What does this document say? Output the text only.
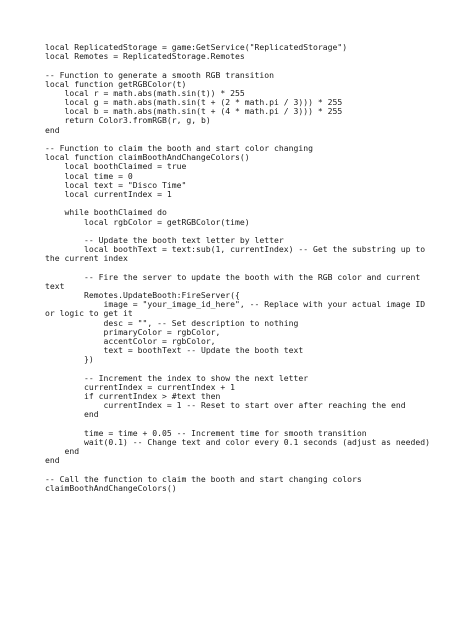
local ReplicatedStorage = game:GetService("ReplicatedStorage")
local Remotes = ReplicatedStorage.Remotes
-- Function to generate a smooth RGB transition
local function getRGBColor(t)
local r = math.abs(math.sin(t)) * 255
local g = math.abs(math.sin(t + (2 * math.pi / 3))) * 255
local b = math.abs(math.sin(t + (4 * math.pi / 3))) * 255
return Color3.fromRGB(r, g, b)
end
-- Function to claim the booth and start color changing
local function claimBoothAndChangeColors()
local boothClaimed = true
local time = 0
local text = "Disco Time"
local currentIndex = 1
while boothClaimed do
local rgbColor = getRGBColor(time)
-- Update the booth text letter by letter
local boothText = text:sub(1, currentIndex) -- Get the substring up to the current index
-- Fire the server to update the booth with the RGB color and current text
Remotes.UpdateBooth:FireServer({
image = "your_image_id_here", -- Replace with your actual image ID or logic to get it
desc = "", -- Set description to nothing
primaryColor = rgbColor,
accentColor = rgbColor,
text = boothText -- Update the booth text
})
-- Increment the index to show the next letter
currentIndex = currentIndex + 1
if currentIndex > #text then
currentIndex = 1 -- Reset to start over after reaching the end
end
time = time + 0.05 -- Increment time for smooth transition
wait(0.1) -- Change text and color every 0.1 seconds (adjust as needed)
end
end
-- Call the function to claim the booth and start changing colors
claimBoothAndChangeColors()
